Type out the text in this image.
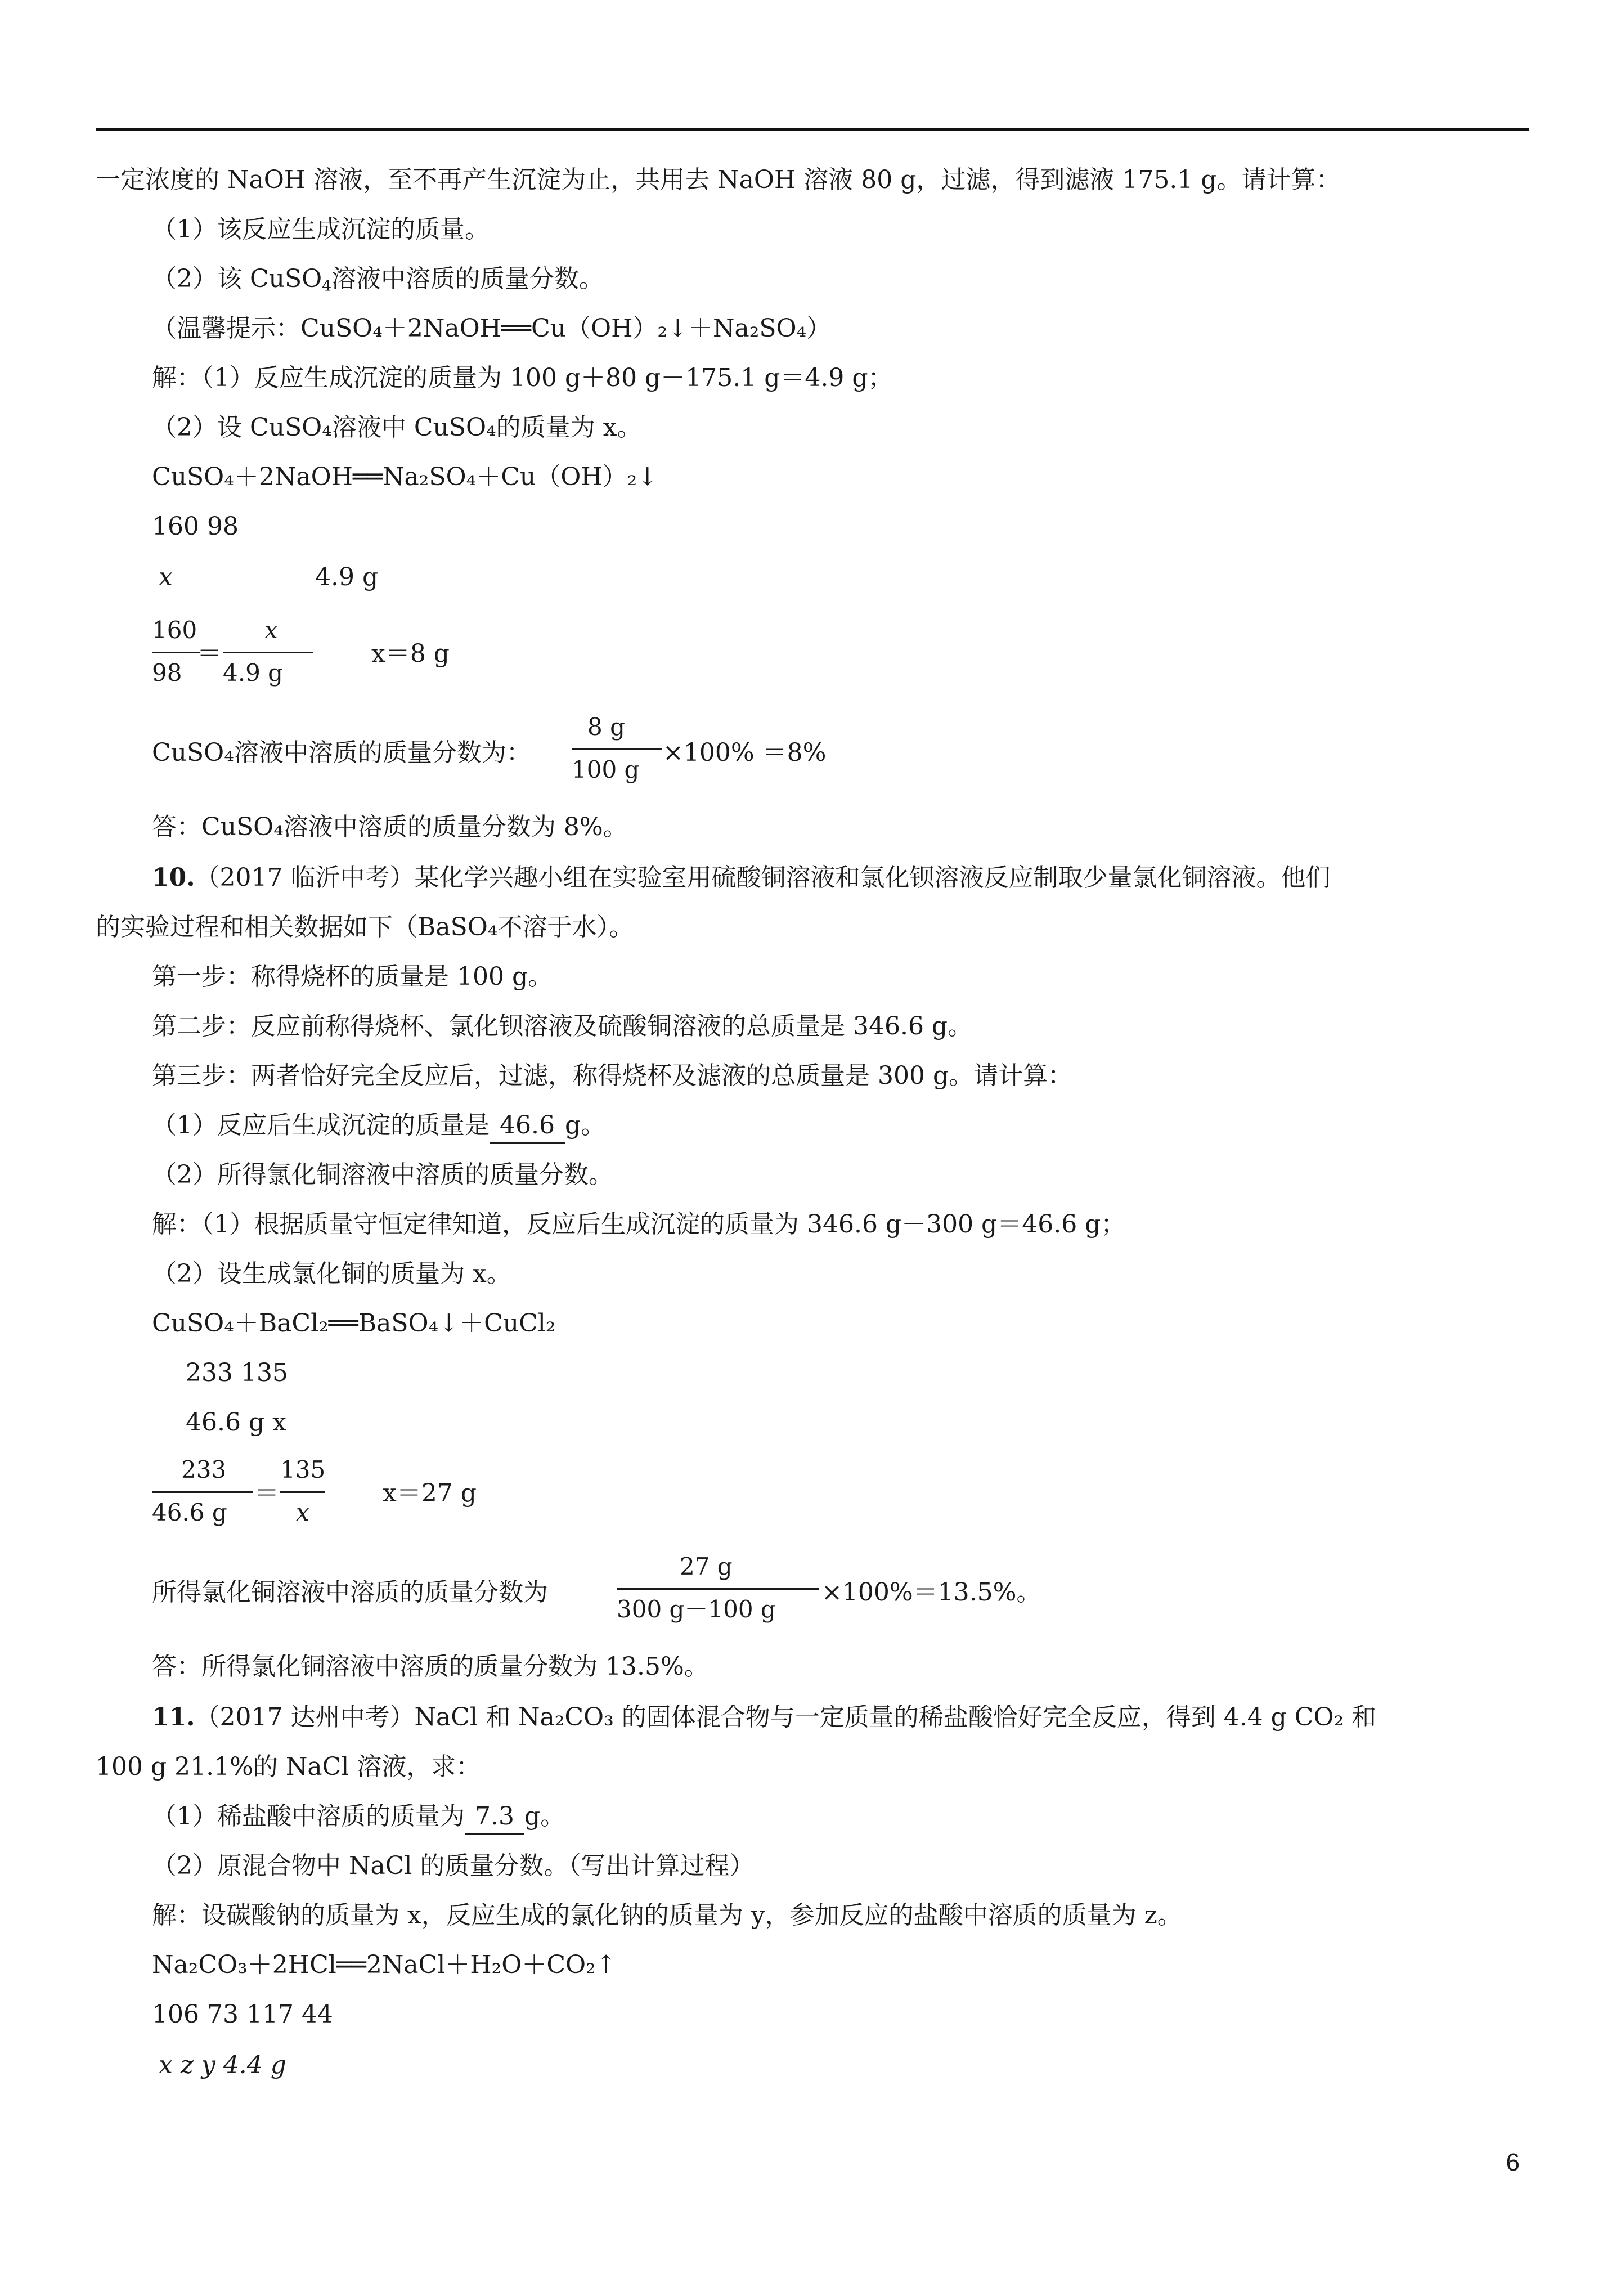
一定浓度的 NaOH 溶液，至不再产生沉淀为止，共用去 NaOH 溶液 80 g，过滤，得到滤液 175.1 g。请计算：
（1）该反应生成沉淀的质量。
（2）该 CuSO$_4$溶液中溶质的质量分数。
（温馨提示：CuSO₄＋2NaOH══Cu（OH）₂↓＋Na₂SO₄）
解：（1）反应生成沉淀的质量为 100 g＋80 g－175.1 g＝4.9 g；
（2）设 CuSO₄溶液中 CuSO₄的质量为 x。
CuSO₄＋2NaOH══Na₂SO₄＋Cu（OH）₂↓
160 98
x	4.9 g
160
98
＝
x
4.9 g
x＝8 g
CuSO₄溶液中溶质的质量分数为：
8 g
100 g
×100% ＝8%
答：CuSO₄溶液中溶质的质量分数为 8%。
10.（2017 临沂中考）某化学兴趣小组在实验室用硫酸铜溶液和氯化钡溶液反应制取少量氯化铜溶液。他们
的实验过程和相关数据如下（BaSO₄不溶于水）。
第一步：称得烧杯的质量是 100 g。
第二步：反应前称得烧杯、氯化钡溶液及硫酸铜溶液的总质量是 346.6 g。
第三步：两者恰好完全反应后，过滤，称得烧杯及滤液的总质量是 300 g。请计算：
（1）反应后生成沉淀的质量是 46.6 g。
（2）所得氯化铜溶液中溶质的质量分数。
解：（1）根据质量守恒定律知道，反应后生成沉淀的质量为 346.6 g－300 g＝46.6 g；
（2）设生成氯化铜的质量为 x。
CuSO₄＋BaCl₂══BaSO₄↓＋CuCl₂
233 135
46.6 g x
233
46.6 g
＝
135
x
x＝27 g
所得氯化铜溶液中溶质的质量分数为
27 g
300 g－100 g
×100%＝13.5%。
答：所得氯化铜溶液中溶质的质量分数为 13.5%。
11.（2017 达州中考）NaCl 和 Na₂CO₃ 的固体混合物与一定质量的稀盐酸恰好完全反应，得到 4.4 g CO₂ 和
100 g 21.1%的 NaCl 溶液，求：
（1）稀盐酸中溶质的质量为 7.3 g。
（2）原混合物中 NaCl 的质量分数。（写出计算过程）
解：设碳酸钠的质量为 x，反应生成的氯化钠的质量为 y，参加反应的盐酸中溶质的质量为 z。
Na₂CO₃＋2HCl══2NaCl＋H₂O＋CO₂↑
106 73 117 44
x z y 4.4 g
6
